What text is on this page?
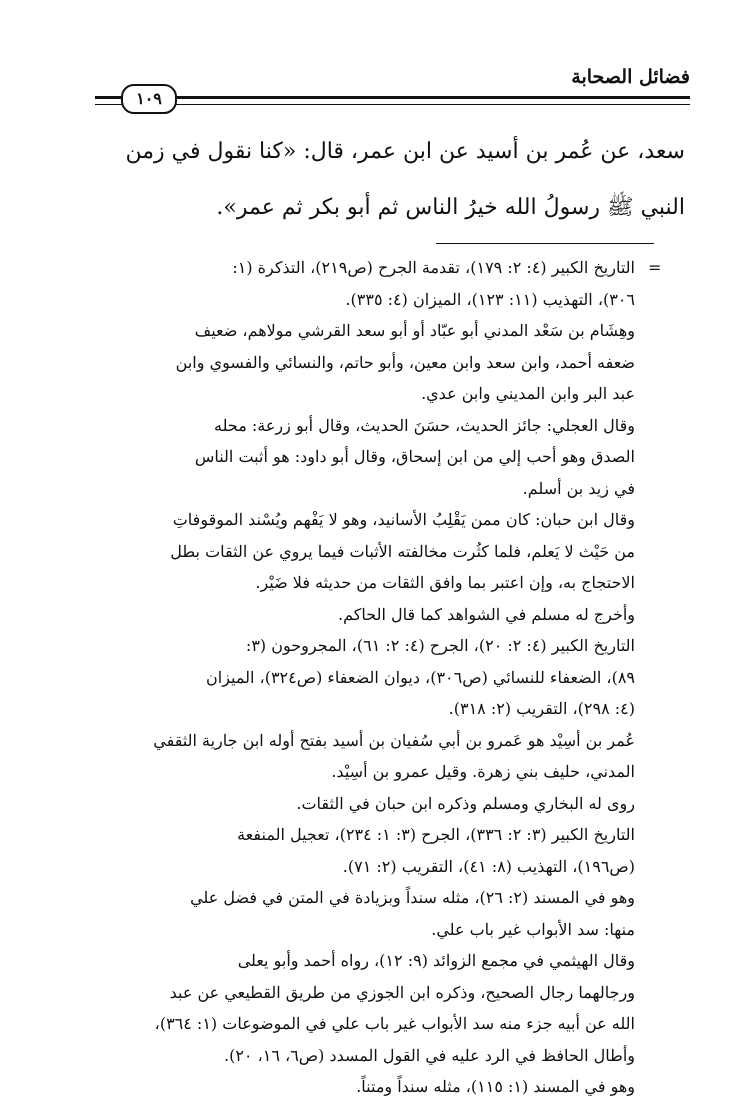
فضائل الصحابة
١٠٩

سعد، عن عُمر بن أسيد عن ابن عمر، قال: «كنا نقول في زمن

النبي ﷺ رسولُ الله خيرُ الناس ثم أبو بكر ثم عمر».

=

التاريخ الكبير (٤: ٢: ١٧٩)، تقدمة الجرح (ص٢١٩)، التذكرة (١:

٣٠٦)، التهذيب (١١: ١٢٣)، الميزان (٤: ٣٣٥).

وهِشَام بن سَعْد المدني أبو عبّاد أو أبو سعد القرشي مولاهم، ضعيف

ضعفه أحمد، وابن سعد وابن معين، وأبو حاتم، والنسائي والفسوي وابن

عبد البر وابن المديني وابن عدي.

وقال العجلي: جائز الحديث، حسَنَ الحديث، وقال أبو زرعة: محله

الصدق وهو أحب إلي من ابن إسحاق، وقال أبو داود: هو أثبت الناس

في زيد بن أسلم.

وقال ابن حبان: كان ممن يَقْلِبُ الأسانيد، وهو لا يَفْهم ويُسْند الموقوفاتِ

من حَيْث لا يَعلم، فلما كثُرت مخالفته الأثبات فيما يروي عن الثقات بطل

الاحتجاج به، وإن اعتبر بما وافق الثقات من حديثه فلا ضَيْر.

وأخرج له مسلم في الشواهد كما قال الحاكم.

التاريخ الكبير (٤: ٢: ٢٠)، الجرح (٤: ٢: ٦١)، المجروحون (٣:

٨٩)، الضعفاء للنسائي (ص٣٠٦)، ديوان الضعفاء (ص٣٢٤)، الميزان

(٤: ٢٩٨)، التقريب (٢: ٣١٨).

عُمر بن أسِيْد هو عَمرو بن أبي سُفيان بن أسيد بفتح أوله ابن جارية الثقفي

المدني، حليف بني زهرة. وقيل عمرو بن أسِيْد.

روى له البخاري ومسلم وذكره ابن حبان في الثقات.

التاريخ الكبير (٣: ٢: ٣٣٦)، الجرح (٣: ١: ٢٣٤)، تعجيل المنفعة

(ص١٩٦)، التهذيب (٨: ٤١)، التقريب (٢: ٧١).

وهو في المسند (٢: ٢٦)، مثله سنداً وبزيادة في المتن في فضل علي

منها: سد الأبواب غير باب علي.

وقال الهيثمي في مجمع الزوائد (٩: ١٢)، رواه أحمد وأبو يعلى

ورجالهما رجال الصحيح، وذكره ابن الجوزي من طريق القطيعي عن عبد

الله عن أبيه جزء منه سد الأبواب غير باب علي في الموضوعات (١: ٣٦٤)،

وأطال الحافظ في الرد عليه في القول المسدد (ص٦، ١٦، ٢٠).

وهو في المسند (١: ١١٥)، مثله سنداً ومتناً.
